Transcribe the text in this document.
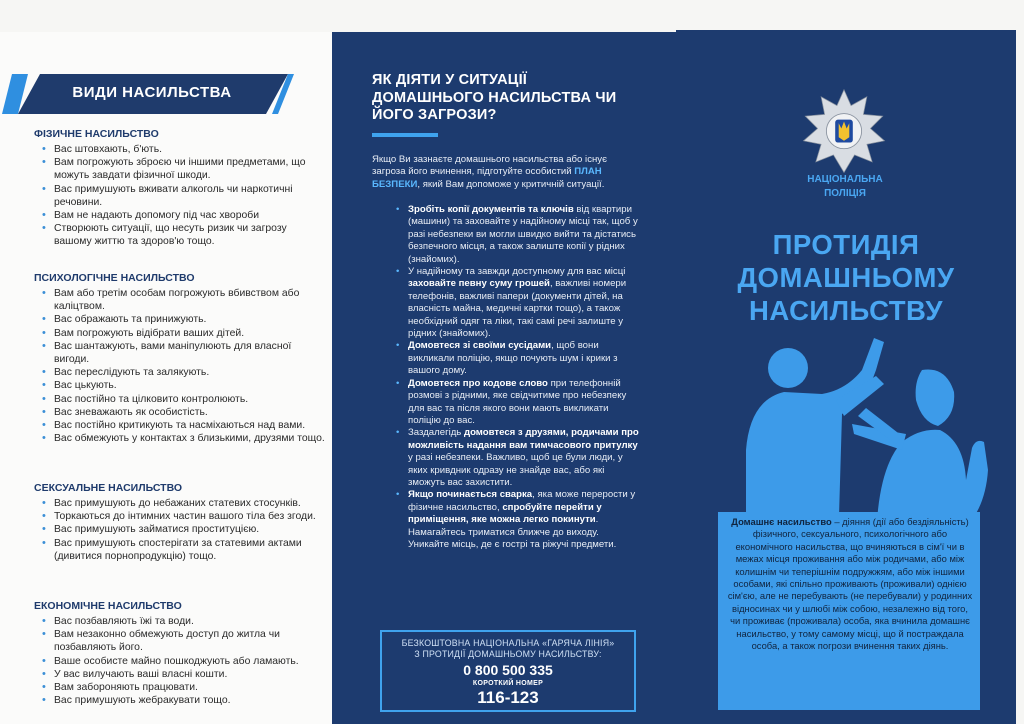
ВИДИ НАСИЛЬСТВА
ФІЗИЧНЕ НАСИЛЬСТВО
• Вас штовхають, б'ють.
• Вам погрожують зброєю чи іншими предметами, що можуть завдати фізичної шкоди.
• Вас примушують вживати алкоголь чи наркотичні речовини.
• Вам не надають допомогу під час хвороби
• Створюють ситуації, що несуть ризик чи загрозу вашому життю та здоров'ю тощо.
ПСИХОЛОГІЧНЕ НАСИЛЬСТВО
• Вам або третім особам погрожують вбивством або каліцтвом.
• Вас ображають та принижують.
• Вам погрожують відібрати ваших дітей.
• Вас шантажують, вами маніпулюють для власної вигоди.
• Вас переслідують та залякують.
• Вас цькують.
• Вас постійно та цілковито контролюють.
• Вас зневажають як особистість.
• Вас постійно критикують та насміхаються над вами.
• Вас обмежують у контактах з близькими, друзями тощо.
СЕКСУАЛЬНЕ НАСИЛЬСТВО
• Вас примушують до небажаних статевих стосунків.
• Торкаються до інтимних частин вашого тіла без згоди.
• Вас примушують займатися проституцією.
• Вас примушують спостерігати за статевими актами (дивитися порнопродукцію) тощо.
ЕКОНОМІЧНЕ НАСИЛЬСТВО
• Вас позбавляють їжі та води.
• Вам незаконно обмежують доступ до житла чи позбавляють його.
• Ваше особисте майно пошкоджують або ламають.
• У вас вилучають ваші власні кошти.
• Вам забороняють працювати.
• Вас примушують жебракувати тощо.
ЯК ДІЯТИ У СИТУАЦІЇ ДОМАШНЬОГО НАСИЛЬСТВА ЧИ ЙОГО ЗАГРОЗИ?
Якщо Ви зазнаєте домашнього насильства або існує загроза його вчинення, підготуйте особистий ПЛАН БЕЗПЕКИ, який Вам допоможе у критичній ситуації.
• Зробіть копії документів та ключів від квартири (машини) та заховайте у надійному місці так, щоб у разі небезпеки ви могли швидко вийти та дістатись безпечного місця, а також залиште копії у рідних (знайомих).
• У надійному та завжди доступному для вас місці заховайте певну суму грошей, важливі номери телефонів, важливі папери (документи дітей, на власність майна, медичні картки тощо), а також необхідний одяг та ліки, такі самі речі залиште у рідних (знайомих).
• Домовтеся зі своїми сусідами, щоб вони викликали поліцію, якщо почують шум і крики з вашого дому.
• Домовтеся про кодове слово при телефонній розмові з рідними, яке свідчитиме про небезпеку для вас та після якого вони мають викликати поліцію до вас.
• Заздалегідь домовтеся з друзями, родичами про можливість надання вам тимчасового притулку у разі небезпеки. Важливо, щоб це були люди, у яких кривдник одразу не знайде вас, або які зможуть вас захистити.
• Якщо починається сварка, яка може перерости у фізичне насильство, спробуйте перейти у приміщення, яке можна легко покинути. Намагайтесь триматися ближче до виходу. Уникайте місць, де є гострі та ріжучі предмети.
БЕЗКОШТОВНА НАЦІОНАЛЬНА «ГАРЯЧА ЛІНІЯ»
З ПРОТИДІЇ ДОМАШНЬОМУ НАСИЛЬСТВУ:
0 800 500 335
КОРОТКИЙ НОМЕР
116-123
НАЦІОНАЛЬНА
ПОЛІЦІЯ
ПРОТИДІЯ
ДОМАШНЬОМУ
НАСИЛЬСТВУ
Домашнє насильство – діяння (дії або бездіяльність) фізичного, сексуального, психологічного або економічного насильства, що вчиняються в сім'ї чи в межах місця проживання або між родичами, або між колишнім чи теперішнім подружжям, або між іншими особами, які спільно проживають (проживали) однією сім'єю, але не перебувають (не перебували) у родинних відносинах чи у шлюбі між собою, незалежно від того, чи проживає (проживала) особа, яка вчинила домашнє насильство, у тому самому місці, що й постраждала особа, а також погрози вчинення таких діянь.
